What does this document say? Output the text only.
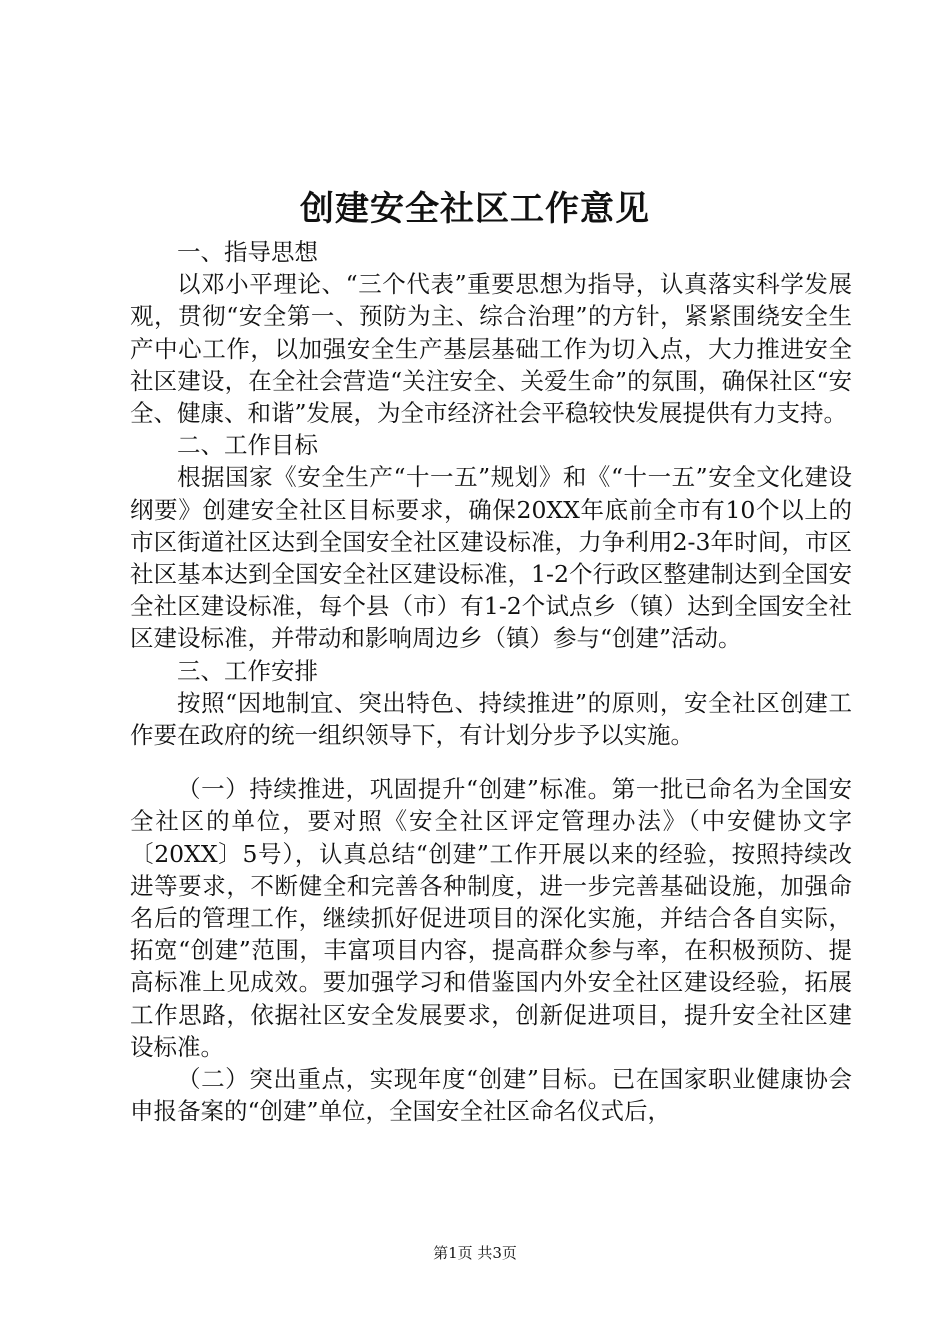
创建安全社区工作意见

一、指导思想

以邓小平理论、“三个代表”重要思想为指导，认真落实科学发展观，贯彻“安全第一、预防为主、综合治理”的方针，紧紧围绕安全生产中心工作，以加强安全生产基层基础工作为切入点，大力推进安全社区建设，在全社会营造“关注安全、关爱生命”的氛围，确保社区“安全、健康、和谐”发展，为全市经济社会平稳较快发展提供有力支持。

二、工作目标

根据国家《安全生产“十一五”规划》和《“十一五”安全文化建设纲要》创建安全社区目标要求，确保20XX年底前全市有10个以上的市区街道社区达到全国安全社区建设标准，力争利用2-3年时间，市区社区基本达到全国安全社区建设标准，1-2个行政区整建制达到全国安全社区建设标准，每个县（市）有1-2个试点乡（镇）达到全国安全社区建设标准，并带动和影响周边乡（镇）参与“创建”活动。

三、工作安排

按照“因地制宜、突出特色、持续推进”的原则，安全社区创建工作要在政府的统一组织领导下，有计划分步予以实施。

（一）持续推进，巩固提升“创建”标准。第一批已命名为全国安全社区的单位，要对照《安全社区评定管理办法》（中安健协文字〔20XX〕5号），认真总结“创建”工作开展以来的经验，按照持续改进等要求，不断健全和完善各种制度，进一步完善基础设施，加强命名后的管理工作，继续抓好促进项目的深化实施，并结合各自实际，拓宽“创建”范围，丰富项目内容，提高群众参与率，在积极预防、提高标准上见成效。要加强学习和借鉴国内外安全社区建设经验，拓展工作思路，依据社区安全发展要求，创新促进项目，提升安全社区建设标准。

（二）突出重点，实现年度“创建”目标。已在国家职业健康协会申报备案的“创建”单位，全国安全社区命名仪式后，

第1页 共3页
